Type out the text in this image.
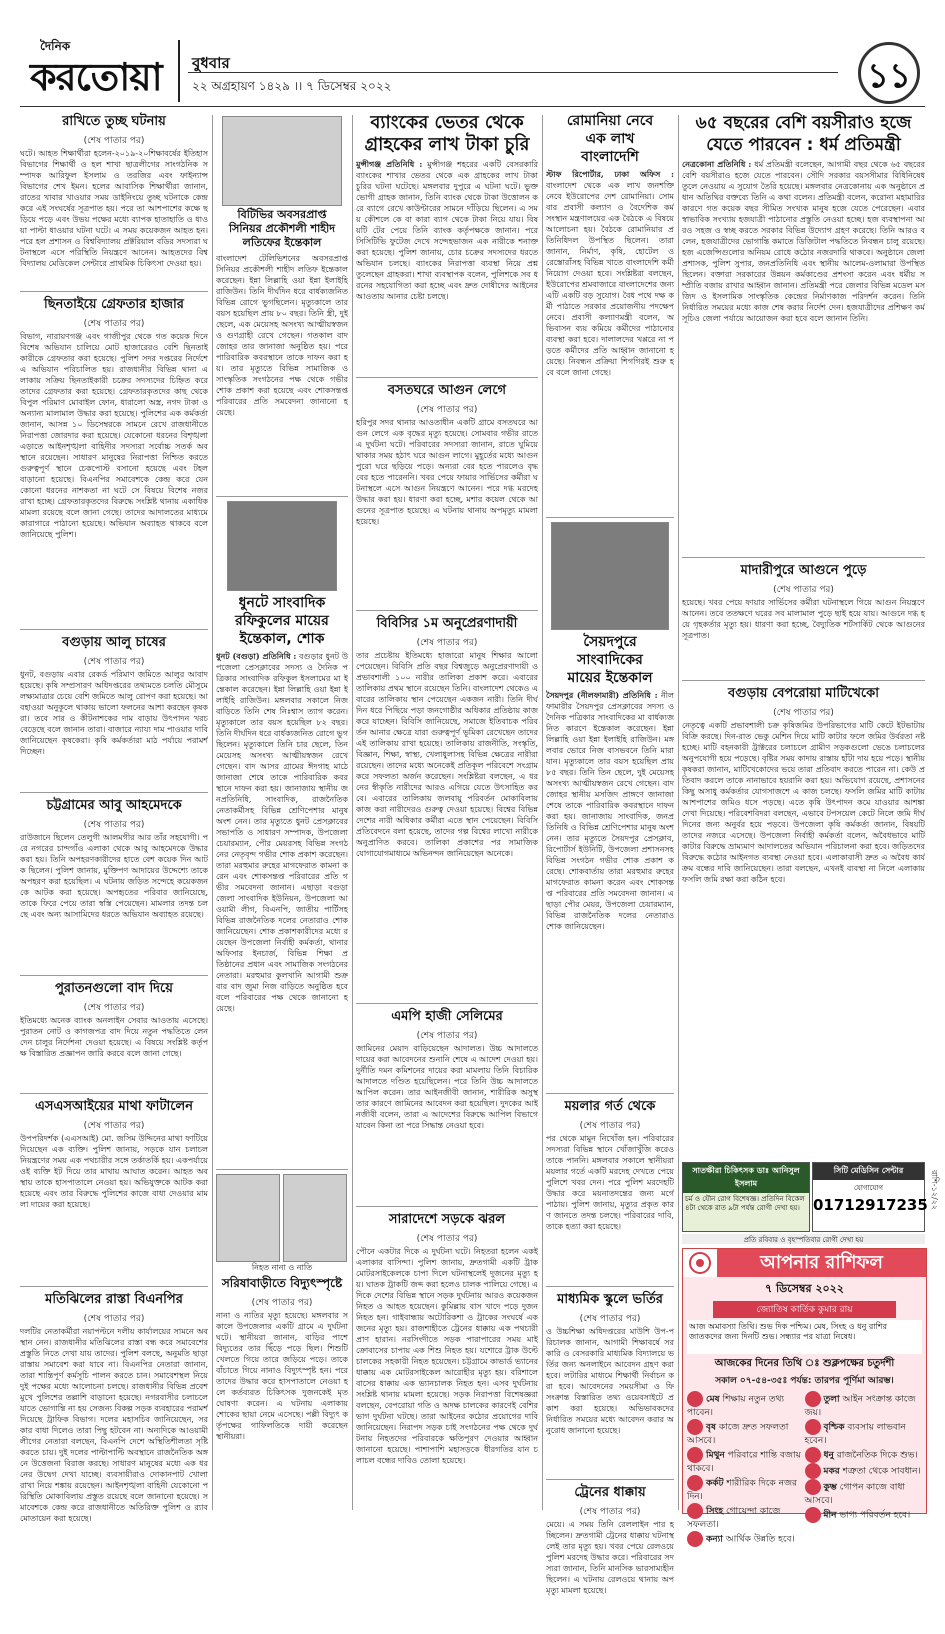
দৈনিক
করতোয়া বুধবার
২২ অগ্রহায়ণ ১৪২৯ ।। ৭ ডিসেম্বর ২০২২	১১
রাখিতে তুচ্ছ ঘটনায়
(শেষ পাতার পর)
ঘটে। আহত শিক্ষার্থীরা হলেন-২০১৯-২০শিক্ষাবর্ষের ইতিহাস বিভাগের শিক্ষার্থী ও হল শাখা ছাত্রলীগের সাংগঠনিক সম্পাদক আরিফুল ইসলাম ও তরজির এবং ফাইন্যান্স বিভাগের শেখ ইমন। হলের আবাসিক শিক্ষার্থীরা জানান, রাতের খাবার খাওয়ার সময় ডাইনিংয়ে তুচ্ছ ঘটনাকে কেন্দ্র করে এই সংঘর্ষের সূত্রপাত হয়। পরে তা আশপাশের কক্ষে ছড়িয়ে পড়ে এবং উভয় পক্ষের মধ্যে ব্যাপক হাতাহাতি ও ধাওয়া পাল্টা ধাওয়ার ঘটনা ঘটে। এ সময় কয়েকজন আহত হন। পরে হল প্রশাসন ও বিশ্ববিদ্যালয় প্রক্টরিয়াল বডির সদস্যরা ঘটনাস্থলে এসে পরিস্থিতি নিয়ন্ত্রণে আনেন। আহতদের বিশ্ববিদ্যালয় মেডিকেল সেন্টারে প্রাথমিক চিকিৎসা দেওয়া হয়।
ছিনতাইয়ে গ্রেফতার হাজার
(শেষ পাতার পর)
বিভাগ, নারায়ণগঞ্জ এবং গাজীপুর থেকে গত কয়েক দিনে বিশেষ অভিযান চালিয়ে মোট হাজারেরও বেশি ছিনতাইকারীকে গ্রেফতার করা হয়েছে। পুলিশ সদর দপ্তরের নির্দেশে এ অভিযান পরিচালিত হয়। রাজধানীর বিভিন্ন থানা এলাকায় সক্রিয় ছিনতাইকারী চক্রের সদস্যদের চিহ্নিত করে তাদের গ্রেফতার করা হয়েছে। গ্রেফতারকৃতদের কাছ থেকে বিপুল পরিমাণ মোবাইল ফোন, ধারালো অস্ত্র, নগদ টাকা ও অন্যান্য মালামাল উদ্ধার করা হয়েছে। পুলিশের এক কর্মকর্তা জানান, আসন্ন ১০ ডিসেম্বরকে সামনে রেখে রাজধানীতে নিরাপত্তা জোরদার করা হয়েছে। যেকোনো ধরনের বিশৃঙ্খলা এড়াতে আইনশৃঙ্খলা বাহিনীর সদস্যরা সর্বোচ্চ সতর্ক অবস্থানে রয়েছেন। সাধারণ মানুষের নিরাপত্তা নিশ্চিত করতে গুরুত্বপূর্ণ স্থানে চেকপোস্ট বসানো হয়েছে এবং টহল বাড়ানো হয়েছে। বিএনপির সমাবেশকে কেন্দ্র করে যেন কোনো ধরনের নাশকতা না ঘটে সে বিষয়ে বিশেষ নজর রাখা হচ্ছে। গ্রেফতারকৃতদের বিরুদ্ধে সংশ্লিষ্ট থানায় একাধিক মামলা রয়েছে বলে জানা গেছে। তাদের আদালতের মাধ্যমে কারাগারে পাঠানো হয়েছে। অভিযান অব্যাহত থাকবে বলে জানিয়েছে পুলিশ।
বগুড়ায় আলু চাষের
(শেষ পাতার পর)
ধুনট, বগুড়ায় এবার রেকর্ড পরিমাণ জমিতে আলুর আবাদ হয়েছে। কৃষি সম্প্রসারণ অধিদপ্তরের তথ্যমতে চলতি মৌসুমে লক্ষ্যমাত্রার চেয়ে বেশি জমিতে আলু রোপণ করা হয়েছে। আবহাওয়া অনুকূলে থাকায় ভালো ফলনের আশা করছেন কৃষকরা। তবে সার ও কীটনাশকের দাম বাড়ায় উৎপাদন খরচ বেড়েছে বলে জানান তারা। বাজারে ন্যায্য দাম পাওয়ার দাবি জানিয়েছেন কৃষকেরা। কৃষি কর্মকর্তারা মাঠ পর্যায়ে পরামর্শ দিচ্ছেন।
চট্টগ্রামের আবু আহমেদকে
(শেষ পাতার পর)
রাউজানে ছিলেন তেলুগী আলমগীর আর তাঁর সহযোগী। পরে নগরের চান্দগাঁও এলাকা থেকে আবু আহমেদকে উদ্ধার করা হয়। তিনি অপহরণকারীদের হাতে বেশ কয়েক দিন আটক ছিলেন। পুলিশ জানায়, মুক্তিপণ আদায়ের উদ্দেশ্যে তাকে অপহরণ করা হয়েছিল। এ ঘটনায় জড়িত সন্দেহে কয়েকজনকে আটক করা হয়েছে। অপহৃতের পরিবার জানিয়েছে, তাকে ফিরে পেয়ে তারা স্বস্তি পেয়েছেন। মামলার তদন্ত চলছে এবং অন্য আসামিদের ধরতে অভিযান অব্যাহত রয়েছে।
পুরাতনগুলো বাদ দিয়ে
(শেষ পাতার পর)
ইতিমধ্যে অনেক ব্যাংক অনলাইন সেবার আওতায় এসেছে। পুরাতন নোট ও কাগজপত্র বাদ দিয়ে নতুন পদ্ধতিতে লেনদেন চালুর নির্দেশনা দেওয়া হয়েছে। এ বিষয়ে সংশ্লিষ্ট কর্তৃপক্ষ বিস্তারিত প্রজ্ঞাপন জারি করবে বলে জানা গেছে।
এসএসআইয়ের মাথা ফাটালেন
(শেষ পাতার পর)
উপপরিদর্শক (এএসআই) মো. জসিম উদ্দিনের মাথা ফাটিয়ে দিয়েছেন এক ব্যক্তি। পুলিশ জানায়, সড়কে যান চলাচল নিয়ন্ত্রণের সময় এক পথচারীর সঙ্গে তর্কাতর্কি হয়। একপর্যায়ে ওই ব্যক্তি ইট দিয়ে তার মাথায় আঘাত করেন। আহত অবস্থায় তাকে হাসপাতালে নেওয়া হয়। অভিযুক্তকে আটক করা হয়েছে এবং তার বিরুদ্ধে পুলিশের কাজে বাধা দেওয়ার মামলা দায়ের করা হয়েছে।
মতিঝিলের রাস্তা বিএনপির
(শেষ পাতার পর)
দলটির নেতাকর্মীরা নয়াপল্টনে দলীয় কার্যালয়ের সামনে অবস্থান নেন। রাজধানীর মতিঝিলের রাস্তা বন্ধ করে সমাবেশের প্রস্তুতি নিতে দেখা যায় তাদের। পুলিশ বলছে, অনুমতি ছাড়া রাস্তায় সমাবেশ করা যাবে না। বিএনপির নেতারা জানান, তারা শান্তিপূর্ণ কর্মসূচি পালন করতে চান। সমাবেশস্থল নিয়ে দুই পক্ষের মধ্যে আলোচনা চলছে। রাজধানীর বিভিন্ন প্রবেশমুখে পুলিশের তল্লাশি বাড়ানো হয়েছে। নগরবাসীর চলাচলে যাতে ভোগান্তি না হয় সেজন্য বিকল্প সড়ক ব্যবহারের পরামর্শ দিয়েছে ট্রাফিক বিভাগ। দলের মহাসচিব জানিয়েছেন, সরকার বাধা দিলেও তারা পিছু হটবেন না। অন্যদিকে আওয়ামী লীগের নেতারা বলছেন, বিএনপি দেশে অস্থিতিশীলতা সৃষ্টি করতে চায়। দুই দলের পাল্টাপাল্টি অবস্থানে রাজনৈতিক অঙ্গনে উত্তেজনা বিরাজ করছে। সাধারণ মানুষের মধ্যে এক ধরনের উদ্বেগ দেখা যাচ্ছে। ব্যবসায়ীরাও দোকানপাট খোলা রাখা নিয়ে শঙ্কায় রয়েছেন। আইনশৃঙ্খলা বাহিনী যেকোনো পরিস্থিতি মোকাবিলায় প্রস্তুত রয়েছে বলে জানানো হয়েছে। সমাবেশকে কেন্দ্র করে রাজধানীতে অতিরিক্ত পুলিশ ও র‍্যাব মোতায়েন করা হয়েছে।
বিটিভির অবসরপ্রাপ্ত
সিনিয়র প্রকৌশলী শাহীদ
লতিফের ইন্তেকাল
বাংলাদেশ টেলিভিশনের অবসরপ্রাপ্ত সিনিয়র প্রকৌশলী শাহীদ লতিফ ইন্তেকাল করেছেন। ইন্না লিল্লাহি ওয়া ইন্না ইলাইহি রাজিউন। তিনি দীর্ঘদিন ধরে বার্ধক্যজনিত বিভিন্ন রোগে ভুগছিলেন। মৃত্যুকালে তার বয়স হয়েছিল প্রায় ৮০ বছর। তিনি স্ত্রী, দুই ছেলে, এক মেয়েসহ অসংখ্য আত্মীয়স্বজন ও গুণগ্রাহী রেখে গেছেন। গতকাল বাদ জোহর তার জানাজা অনুষ্ঠিত হয়। পরে পারিবারিক কবরস্থানে তাকে দাফন করা হয়। তার মৃত্যুতে বিভিন্ন সামাজিক ও সাংস্কৃতিক সংগঠনের পক্ষ থেকে গভীর শোক প্রকাশ করা হয়েছে এবং শোকসন্তপ্ত পরিবারের প্রতি সমবেদনা জানানো হয়েছে।
ধুনটে সাংবাদিক
রফিকুলের মায়ের
ইন্তেকাল, শোক
ধুনট (বগুড়া) প্রতিনিধি : বগুড়ার ধুনট উপজেলা প্রেসক্লাবের সদস্য ও দৈনিক পত্রিকার সাংবাদিক রফিকুল ইসলামের মা ইন্তেকাল করেছেন। ইন্না লিল্লাহি ওয়া ইন্না ইলাইহি রাজিউন। মঙ্গলবার সকালে নিজ বাড়িতে তিনি শেষ নিঃশ্বাস ত্যাগ করেন। মৃত্যুকালে তার বয়স হয়েছিল ৮২ বছর। তিনি দীর্ঘদিন ধরে বার্ধক্যজনিত রোগে ভুগছিলেন। মৃত্যুকালে তিনি চার ছেলে, তিন মেয়েসহ অসংখ্য আত্মীয়স্বজন রেখে গেছেন। বাদ আসর গ্রামের ঈদগাহ মাঠে জানাজা শেষে তাকে পারিবারিক কবরস্থানে দাফন করা হয়। জানাজায় স্থানীয় জনপ্রতিনিধি, সাংবাদিক, রাজনৈতিক নেতাকর্মীসহ বিভিন্ন শ্রেণিপেশার মানুষ অংশ নেন। তার মৃত্যুতে ধুনট প্রেসক্লাবের সভাপতি ও সাধারণ সম্পাদক, উপজেলা চেয়ারম্যান, পৌর মেয়রসহ বিভিন্ন সংগঠনের নেতৃবৃন্দ গভীর শোক প্রকাশ করেছেন। তারা মরহুমার রুহের মাগফেরাত কামনা করেন এবং শোকসন্তপ্ত পরিবারের প্রতি গভীর সমবেদনা জানান। এছাড়া বগুড়া জেলা সাংবাদিক ইউনিয়ন, উপজেলা আওয়ামী লীগ, বিএনপি, জাতীয় পার্টিসহ বিভিন্ন রাজনৈতিক দলের নেতারাও শোক জানিয়েছেন। শোক প্রকাশকারীদের মধ্যে রয়েছেন উপজেলা নির্বাহী কর্মকর্তা, থানার অফিসার ইনচার্জ, বিভিন্ন শিক্ষা প্রতিষ্ঠানের প্রধান এবং সামাজিক সংগঠনের নেতারা। মরহুমার কুলখানি আগামী শুক্রবার বাদ জুমা নিজ বাড়িতে অনুষ্ঠিত হবে বলে পরিবারের পক্ষ থেকে জানানো হয়েছে।
নিহত নানা ও নাতি
সরিষাবাড়ীতে বিদ্যুৎস্পৃষ্টে
(শেষ পাতার পর)
নানা ও নাতির মৃত্যু হয়েছে। মঙ্গলবার সকালে উপজেলার একটি গ্রামে এ দুর্ঘটনা ঘটে। স্থানীয়রা জানান, বাড়ির পাশে বিদ্যুতের তার ছিঁড়ে পড়ে ছিল। শিশুটি খেলতে গিয়ে তারে জড়িয়ে পড়ে। তাকে বাঁচাতে গিয়ে নানাও বিদ্যুৎস্পৃষ্ট হন। পরে তাদের উদ্ধার করে হাসপাতালে নেওয়া হলে কর্তব্যরত চিকিৎসক দুজনকেই মৃত ঘোষণা করেন। এ ঘটনায় এলাকায় শোকের ছায়া নেমে এসেছে। পল্লী বিদ্যুৎ কর্তৃপক্ষের গাফিলতিকে দায়ী করেছেন স্থানীয়রা।
ব্যাংকের ভেতর থেকে
গ্রাহকের লাখ টাকা চুরি
মুন্সীগঞ্জ প্রতিনিধি : মুন্সীগঞ্জ শহরের একটি বেসরকারি ব্যাংকের শাখার ভেতর থেকে এক গ্রাহকের লাখ টাকা চুরির ঘটনা ঘটেছে। মঙ্গলবার দুপুরে এ ঘটনা ঘটে। ভুক্তভোগী গ্রাহক জানান, তিনি ব্যাংক থেকে টাকা উত্তোলন করে ব্যাগে রেখে কাউন্টারের সামনে দাঁড়িয়ে ছিলেন। এ সময় কৌশলে কে বা কারা ব্যাগ থেকে টাকা নিয়ে যায়। বিষয়টি টের পেয়ে তিনি ব্যাংক কর্তৃপক্ষকে জানান। পরে সিসিটিভি ফুটেজ দেখে সন্দেহভাজন এক নারীকে শনাক্ত করা হয়েছে। পুলিশ জানায়, চোর চক্রের সদস্যদের ধরতে অভিযান চলছে। ব্যাংকের নিরাপত্তা ব্যবস্থা নিয়ে প্রশ্ন তুলেছেন গ্রাহকরা। শাখা ব্যবস্থাপক বলেন, পুলিশকে সব ধরনের সহযোগিতা করা হচ্ছে এবং দ্রুত দোষীদের আইনের আওতায় আনার চেষ্টা চলছে।
বসতঘরে আগুন লেগে
(শেষ পাতার পর)
হরিপুর সদর থানার আওতাধীন একটি গ্রামে বসতঘরে আগুন লেগে এক বৃদ্ধের মৃত্যু হয়েছে। সোমবার গভীর রাতে এ দুর্ঘটনা ঘটে। পরিবারের সদস্যরা জানান, রাতে ঘুমিয়ে থাকার সময় হঠাৎ ঘরে আগুন লাগে। মুহূর্তের মধ্যে আগুন পুরো ঘরে ছড়িয়ে পড়ে। অন্যরা বের হতে পারলেও বৃদ্ধ বের হতে পারেননি। খবর পেয়ে ফায়ার সার্ভিসের কর্মীরা ঘটনাস্থলে এসে আগুন নিয়ন্ত্রণে আনেন। পরে দগ্ধ মরদেহ উদ্ধার করা হয়। ধারণা করা হচ্ছে, মশার কয়েল থেকে আগুনের সূত্রপাত হয়েছে। এ ঘটনায় থানায় অপমৃত্যু মামলা হয়েছে।
বিবিসির ১ম অনুপ্রেরণাদায়ী
(শেষ পাতার পর)
তার প্রচেষ্টায় ইতিমধ্যে হাজারো মানুষ শিক্ষার আলো পেয়েছেন। বিবিসি প্রতি বছর বিশ্বজুড়ে অনুপ্রেরণাদায়ী ও প্রভাবশালী ১০০ নারীর তালিকা প্রকাশ করে। এবারের তালিকায় প্রথম স্থানে রয়েছেন তিনি। বাংলাদেশ থেকেও এবারের তালিকায় স্থান পেয়েছেন একজন নারী। তিনি দীর্ঘদিন ধরে পিছিয়ে পড়া জনগোষ্ঠীর অধিকার প্রতিষ্ঠায় কাজ করে যাচ্ছেন। বিবিসি জানিয়েছে, সমাজে ইতিবাচক পরিবর্তন আনার ক্ষেত্রে যারা গুরুত্বপূর্ণ ভূমিকা রেখেছেন তাদের এই তালিকায় রাখা হয়েছে। তালিকায় রাজনীতি, সংস্কৃতি, বিজ্ঞান, শিক্ষা, স্বাস্থ্য, খেলাধুলাসহ বিভিন্ন ক্ষেত্রের নারীরা রয়েছেন। তাদের মধ্যে অনেকেই প্রতিকূল পরিবেশে সংগ্রাম করে সফলতা অর্জন করেছেন। সংশ্লিষ্টরা বলছেন, এ ধরনের স্বীকৃতি নারীদের আরও এগিয়ে যেতে উৎসাহিত করবে। এবারের তালিকায় জলবায়ু পরিবর্তন মোকাবিলায় কাজ করা নারীদেরও গুরুত্ব দেওয়া হয়েছে। বিশ্বের বিভিন্ন দেশের নারী অধিকার কর্মীরা এতে স্থান পেয়েছেন। বিবিসি প্রতিবেদনে বলা হয়েছে, তাদের গল্প বিশ্বের লাখো নারীকে অনুপ্রাণিত করবে। তালিকা প্রকাশের পর সামাজিক যোগাযোগমাধ্যমে অভিনন্দন জানিয়েছেন অনেকে।
এমপি হাজী সেলিমের
(শেষ পাতার পর)
জামিনের মেয়াদ বাড়িয়েছেন আদালত। উচ্চ আদালতে দায়ের করা আবেদনের শুনানি শেষে এ আদেশ দেওয়া হয়। দুর্নীতি দমন কমিশনের দায়ের করা মামলায় তিনি বিচারিক আদালতে দণ্ডিত হয়েছিলেন। পরে তিনি উচ্চ আদালতে আপিল করেন। তার আইনজীবী জানান, শারীরিক অসুস্থতার কারণে জামিনের আবেদন করা হয়েছিল। দুদকের আইনজীবী বলেন, তারা এ আদেশের বিরুদ্ধে আপিল বিভাগে যাবেন কিনা তা পরে সিদ্ধান্ত নেওয়া হবে।
সারাদেশে সড়কে ঝরল
(শেষ পাতার পর)
পৌনে একটার দিকে এ দুর্ঘটনা ঘটে। নিহতরা হলেন একই এলাকার বাসিন্দা। পুলিশ জানায়, দ্রুতগামী একটি ট্রাক মোটরসাইকেলকে চাপা দিলে ঘটনাস্থলেই দুজনের মৃত্যু হয়। ঘাতক ট্রাকটি জব্দ করা হলেও চালক পালিয়ে গেছে। এদিকে দেশের বিভিন্ন স্থানে সড়ক দুর্ঘটনায় আরও কয়েকজন নিহত ও আহত হয়েছেন। কুমিল্লায় বাস খাদে পড়ে দুজন নিহত হন। গাইবান্ধায় অটোরিকশা ও ট্রাকের সংঘর্ষে একজনের মৃত্যু হয়। রাজশাহীতে ট্রেনের ধাক্কায় এক পথচারী প্রাণ হারান। নরসিংদীতে সড়ক পারাপারের সময় মাইক্রোবাসের চাপায় এক শিশু নিহত হয়। যশোরে ট্রাক উল্টে চালকের সহকারী নিহত হয়েছেন। চট্টগ্রামে কাভার্ড ভ্যানের ধাক্কায় এক মোটরসাইকেল আরোহীর মৃত্যু হয়। বরিশালে বাসের ধাক্কায় এক ভ্যানচালক নিহত হন। এসব দুর্ঘটনায় সংশ্লিষ্ট থানায় মামলা হয়েছে। সড়ক নিরাপত্তা বিশেষজ্ঞরা বলছেন, বেপরোয়া গতি ও অদক্ষ চালকের কারণেই বেশিরভাগ দুর্ঘটনা ঘটছে। তারা আইনের কঠোর প্রয়োগের দাবি জানিয়েছেন। নিরাপদ সড়ক চাই সংগঠনের পক্ষ থেকে দুর্ঘটনায় নিহতদের পরিবারকে ক্ষতিপূরণ দেওয়ার আহ্বান জানানো হয়েছে। পাশাপাশি মহাসড়কে ধীরগতির যান চলাচল বন্ধের দাবিও তোলা হয়েছে।
রোমানিয়া নেবে
এক লাখ
বাংলাদেশি
স্টাফ রিপোর্টার, ঢাকা অফিস : বাংলাদেশ থেকে এক লাখ জনশক্তি নেবে ইউরোপের দেশ রোমানিয়া। সোমবার প্রবাসী কল্যাণ ও বৈদেশিক কর্মসংস্থান মন্ত্রণালয়ের এক বৈঠকে এ বিষয়ে আলোচনা হয়। বৈঠকে রোমানিয়ার প্রতিনিধিদল উপস্থিত ছিলেন। তারা জানান, নির্মাণ, কৃষি, হোটেল ও রেস্তোরাঁসহ বিভিন্ন খাতে বাংলাদেশি কর্মী নিয়োগ দেওয়া হবে। সংশ্লিষ্টরা বলছেন, ইউরোপের শ্রমবাজারে বাংলাদেশের জন্য এটি একটি বড় সুযোগ। বৈধ পথে দক্ষ কর্মী পাঠাতে সরকার প্রয়োজনীয় পদক্ষেপ নেবে। প্রবাসী কল্যাণমন্ত্রী বলেন, অভিবাসন ব্যয় কমিয়ে কর্মীদের পাঠানোর ব্যবস্থা করা হবে। দালালদের খপ্পরে না পড়তে কর্মীদের প্রতি আহ্বান জানানো হয়েছে। নিবন্ধন প্রক্রিয়া শিগগিরই শুরু হবে বলে জানা গেছে।
সৈয়দপুরে
সাংবাদিকের
মায়ের ইন্তেকাল
সৈয়দপুর (নীলফামারী) প্রতিনিধি : নীলফামারীর সৈয়দপুর প্রেসক্লাবের সদস্য ও দৈনিক পত্রিকার সাংবাদিকের মা বার্ধক্যজনিত কারণে ইন্তেকাল করেছেন। ইন্না লিল্লাহি ওয়া ইন্না ইলাইহি রাজিউন। মঙ্গলবার ভোরে নিজ বাসভবনে তিনি মারা যান। মৃত্যুকালে তার বয়স হয়েছিল প্রায় ৮৫ বছর। তিনি তিন ছেলে, দুই মেয়েসহ অসংখ্য আত্মীয়স্বজন রেখে গেছেন। বাদ জোহর স্থানীয় মসজিদ প্রাঙ্গণে জানাজা শেষে তাকে পারিবারিক কবরস্থানে দাফন করা হয়। জানাজায় সাংবাদিক, জনপ্রতিনিধি ও বিভিন্ন শ্রেণিপেশার মানুষ অংশ নেন। তার মৃত্যুতে সৈয়দপুর প্রেসক্লাব, রিপোর্টার্স ইউনিটি, উপজেলা প্রশাসনসহ বিভিন্ন সংগঠন গভীর শোক প্রকাশ করেছে। শোকবার্তায় তারা মরহুমার রুহের মাগফেরাত কামনা করেন এবং শোকসন্তপ্ত পরিবারের প্রতি সমবেদনা জানান। এছাড়া পৌর মেয়র, উপজেলা চেয়ারম্যান, বিভিন্ন রাজনৈতিক দলের নেতারাও শোক জানিয়েছেন।
ময়লার গর্ত থেকে
(শেষ পাতার পর)
পর থেকে মামুন নিখোঁজ হন। পরিবারের সদস্যরা বিভিন্ন স্থানে খোঁজাখুঁজি করেও তাকে পাননি। মঙ্গলবার সকালে স্থানীয়রা ময়লার গর্তে একটি মরদেহ দেখতে পেয়ে পুলিশে খবর দেন। পরে পুলিশ মরদেহটি উদ্ধার করে ময়নাতদন্তের জন্য মর্গে পাঠায়। পুলিশ জানায়, মৃত্যুর প্রকৃত কারণ জানতে তদন্ত চলছে। পরিবারের দাবি, তাকে হত্যা করা হয়েছে।
মাধ্যমিক স্কুলে ভর্তির
(শেষ পাতার পর)
ও উচ্চশিক্ষা অধিদপ্তরের মাউশি উপ-পরিচালক জানান, আগামী শিক্ষাবর্ষে সরকারি ও বেসরকারি মাধ্যমিক বিদ্যালয়ে ভর্তির জন্য অনলাইনে আবেদন গ্রহণ করা হবে। লটারির মাধ্যমে শিক্ষার্থী নির্বাচন করা হবে। আবেদনের সময়সীমা ও ফি সংক্রান্ত বিস্তারিত তথ্য ওয়েবসাইটে প্রকাশ করা হয়েছে। অভিভাবকদের নির্ধারিত সময়ের মধ্যে আবেদন করার অনুরোধ জানানো হয়েছে।
ট্রেনের ধাক্কায়
(শেষ পাতার পর)
মেয়ে। এ সময় তিনি রেললাইন পার হচ্ছিলেন। দ্রুতগামী ট্রেনের ধাক্কায় ঘটনাস্থলেই তার মৃত্যু হয়। খবর পেয়ে রেলওয়ে পুলিশ মরদেহ উদ্ধার করে। পরিবারের সদস্যরা জানান, তিনি মানসিক ভারসাম্যহীন ছিলেন। এ ঘটনায় রেলওয়ে থানায় অপমৃত্যু মামলা হয়েছে।
৬৫ বছরের বেশি বয়সীরাও হজে
যেতে পারবেন : ধর্ম প্রতিমন্ত্রী
নেত্রকোনা প্রতিনিধি : ধর্ম প্রতিমন্ত্রী বলেছেন, আগামী বছর থেকে ৬৫ বছরের বেশি বয়সীরাও হজে যেতে পারবেন। সৌদি সরকার বয়সসীমার বিধিনিষেধ তুলে নেওয়ায় এ সুযোগ তৈরি হয়েছে। মঙ্গলবার নেত্রকোনায় এক অনুষ্ঠানে প্রধান অতিথির বক্তব্যে তিনি এ কথা বলেন। প্রতিমন্ত্রী বলেন, করোনা মহামারির কারণে গত কয়েক বছর সীমিত সংখ্যক মানুষ হজে যেতে পেরেছেন। এবার স্বাভাবিক সংখ্যায় হজযাত্রী পাঠানোর প্রস্তুতি নেওয়া হচ্ছে। হজ ব্যবস্থাপনা আরও সহজ ও স্বচ্ছ করতে সরকার বিভিন্ন উদ্যোগ গ্রহণ করেছে। তিনি আরও বলেন, হজযাত্রীদের ভোগান্তি কমাতে ডিজিটাল পদ্ধতিতে নিবন্ধন চালু রয়েছে। হজ এজেন্সিগুলোর অনিয়ম রোধে কঠোর নজরদারি থাকবে। অনুষ্ঠানে জেলা প্রশাসক, পুলিশ সুপার, জনপ্রতিনিধি এবং স্থানীয় আলেম-ওলামারা উপস্থিত ছিলেন। বক্তারা সরকারের উন্নয়ন কর্মকাণ্ডের প্রশংসা করেন এবং ধর্মীয় সম্প্রীতি বজায় রাখার আহ্বান জানান। প্রতিমন্ত্রী পরে জেলার বিভিন্ন মডেল মসজিদ ও ইসলামিক সাংস্কৃতিক কেন্দ্রের নির্মাণকাজ পরিদর্শন করেন। তিনি নির্ধারিত সময়ের মধ্যে কাজ শেষ করার নির্দেশ দেন। হজযাত্রীদের প্রশিক্ষণ কর্মসূচিও জেলা পর্যায়ে আয়োজন করা হবে বলে জানান তিনি।
মাদারীপুরে আগুনে পুড়ে
(শেষ পাতার পর)
হয়েছে। খবর পেয়ে ফায়ার সার্ভিসের কর্মীরা ঘটনাস্থলে গিয়ে আগুন নিয়ন্ত্রণে আনেন। তবে ততক্ষণে ঘরের সব মালামাল পুড়ে ছাই হয়ে যায়। আগুনে দগ্ধ হয়ে গৃহকর্তার মৃত্যু হয়। ধারণা করা হচ্ছে, বৈদ্যুতিক শর্টসার্কিট থেকে আগুনের সূত্রপাত।
বগুড়ায় বেপরোয়া মাটিখেকো
(শেষ পাতার পর)
নেতৃত্বে একটি প্রভাবশালী চক্র কৃষিজমির উপরিভাগের মাটি কেটে ইটভাটায় বিক্রি করছে। দিন-রাত ভেকু মেশিন দিয়ে মাটি কাটার ফলে জমির উর্বরতা নষ্ট হচ্ছে। মাটি বহনকারী ট্রাক্টরের চলাচলে গ্রামীণ সড়কগুলো ভেঙে চলাচলের অনুপযোগী হয়ে পড়েছে। বৃষ্টির সময় কাদায় রাস্তায় হাঁটা দায় হয়ে পড়ে। স্থানীয় কৃষকরা জানান, মাটিখেকোদের ভয়ে তারা প্রতিবাদ করতে পারেন না। কেউ প্রতিবাদ করলে তাকে নানাভাবে হয়রানি করা হয়। অভিযোগ রয়েছে, প্রশাসনের কিছু অসাধু কর্মকর্তার যোগসাজশে এ কাজ চলছে। ফসলি জমির মাটি কাটায় আশপাশের জমিও ধসে পড়ছে। এতে কৃষি উৎপাদন কমে যাওয়ার আশঙ্কা দেখা দিয়েছে। পরিবেশবিদরা বলছেন, এভাবে টপসয়েল কেটে নিলে জমি দীর্ঘদিনের জন্য অনুর্বর হয়ে পড়বে। উপজেলা কৃষি কর্মকর্তা জানান, বিষয়টি তাদের নজরে এসেছে। উপজেলা নির্বাহী কর্মকর্তা বলেন, অবৈধভাবে মাটি কাটার বিরুদ্ধে ভ্রাম্যমাণ আদালতের অভিযান পরিচালনা করা হবে। জড়িতদের বিরুদ্ধে কঠোর আইনগত ব্যবস্থা নেওয়া হবে। এলাকাবাসী দ্রুত এ অবৈধ কার্যক্রম বন্ধের দাবি জানিয়েছেন। তারা বলছেন, এখনই ব্যবস্থা না নিলে এলাকায় ফসলি জমি রক্ষা করা কঠিন হবে।
সাতক্ষীরা চিকিৎসক ডাঃ আনিসুল ইসলাম
চর্ম ও যৌন রোগ বিশেষজ্ঞ। প্রতিদিন বিকেল ৪টা থেকে রাত ৯টা পর্যন্ত রোগী দেখা হয়।
সিটি মেডিসিন সেন্টার
যোগাযোগ
01712917235
প্রতি রবিবার ও বৃহস্পতিবার রোগী দেখা হয়
আপনার রাশিফল
৭ ডিসেম্বর ২০২২
জ্যোতিষ কার্তিক কুমার রায়
আজ অমাবস্যা তিথি। শুভ দিক পশ্চিম। মেষ, সিংহ ও ধনু রাশির জাতকদের জন্য দিনটি শুভ। সন্ধ্যার পর যাত্রা নিষেধ।
আজকের দিনের তিথি ঃ শুক্লপক্ষের চতুর্দশী
সকাল ০৭-৫৪-৩৫ঃ পর্যন্ত: তারপর পূর্ণিমা আরম্ভ।
মেষ শিক্ষায় নতুন তথ্য পাবেন।
বৃষ কাজে দ্রুত সফলতা আসবে।
মিথুন পরিবারে শান্তি বজায় থাকবে।
কর্কট শারীরিক দিকে নজর দিন।
সিংহ গোয়েন্দা কাজে সফলতা।
কন্যা আর্থিক উন্নতি হবে।
তুলা আইন সংক্রান্ত কাজে জয়।
বৃশ্চিক ব্যবসায় লাভবান হবেন।
ধনু রাজনৈতিক দিকে শুভ।
মকর শত্রুতা থেকে সাবধান।
কুম্ভ গোপন কাজে বাধা আসবে।
মীন ভাগ্য পরিবর্তন হবে।
রাশি-১২/২২
